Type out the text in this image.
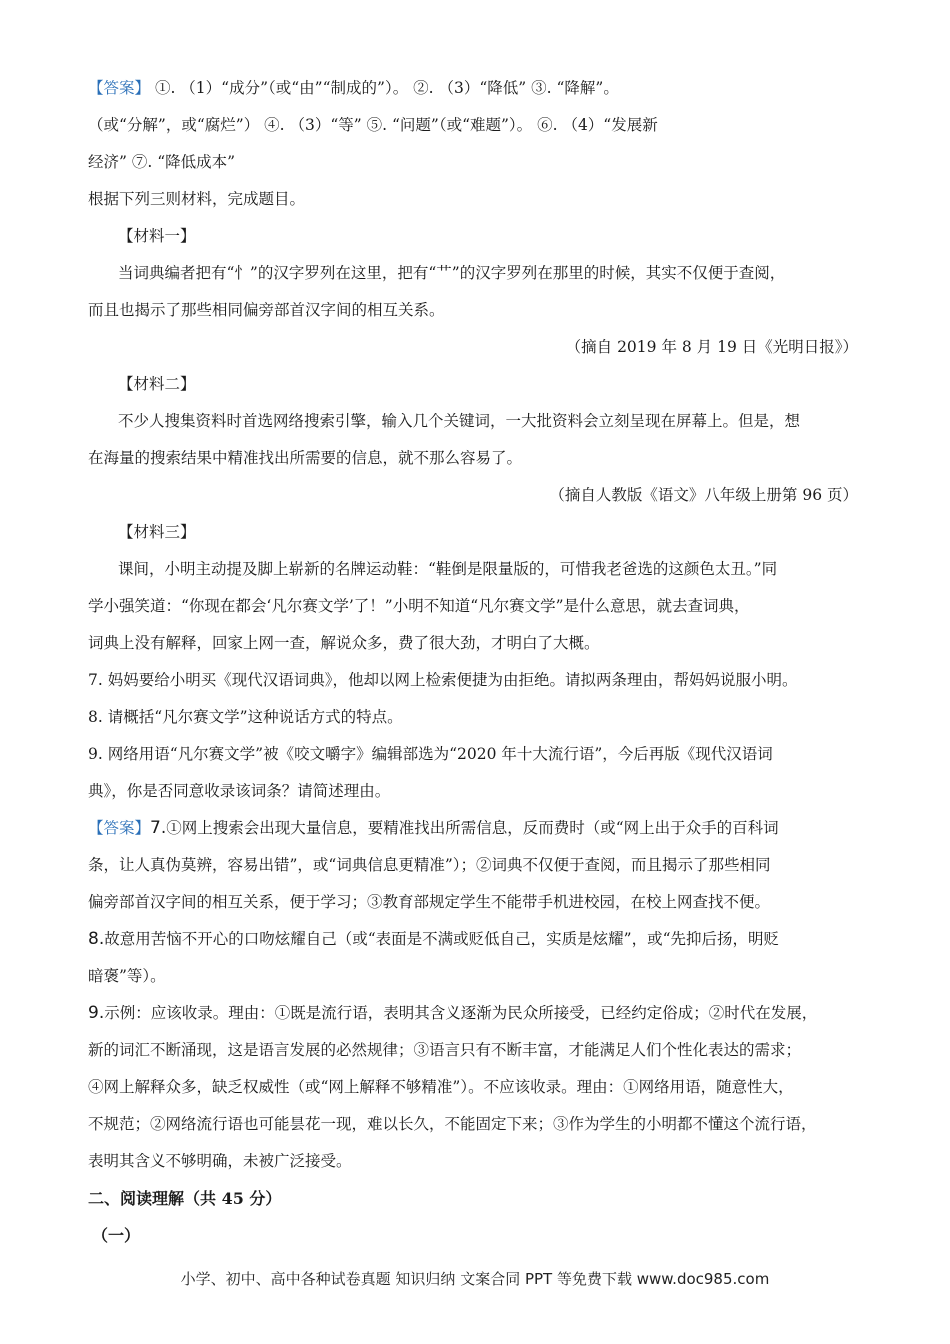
【答案】 ①. （1）“成分”（或“由”“制成的”）。 ②. （3）“降低” ③. “降解”。

（或“分解”，或“腐烂”） ④. （3）“等” ⑤. “问题”（或“难题”）。 ⑥. （4）“发展新

经济” ⑦. “降低成本”

根据下列三则材料，完成题目。

【材料一】

当词典编者把有“忄”的汉字罗列在这里，把有“艹”的汉字罗列在那里的时候，其实不仅便于查阅，

而且也揭示了那些相同偏旁部首汉字间的相互关系。

（摘自 2019 年 8 月 19 日《光明日报》）

【材料二】

不少人搜集资料时首选网络搜索引擎，输入几个关键词，一大批资料会立刻呈现在屏幕上。但是，想

在海量的搜索结果中精准找出所需要的信息，就不那么容易了。

（摘自人教版《语文》八年级上册第 96 页）

【材料三】

课间，小明主动提及脚上崭新的名牌运动鞋：“鞋倒是限量版的，可惜我老爸选的这颜色太丑。”同

学小强笑道：“你现在都会‘凡尔赛文学’了！”小明不知道“凡尔赛文学”是什么意思，就去查词典，

词典上没有解释，回家上网一查，解说众多，费了很大劲，才明白了大概。

7. 妈妈要给小明买《现代汉语词典》，他却以网上检索便捷为由拒绝。请拟两条理由，帮妈妈说服小明。

8. 请概括“凡尔赛文学”这种说话方式的特点。

9. 网络用语“凡尔赛文学”被《咬文嚼字》编辑部选为“2020 年十大流行语”，今后再版《现代汉语词

典》，你是否同意收录该词条？请简述理由。

【答案】7.①网上搜索会出现大量信息，要精准找出所需信息，反而费时（或“网上出于众手的百科词

条，让人真伪莫辨，容易出错”，或“词典信息更精准”）；②词典不仅便于查阅，而且揭示了那些相同

偏旁部首汉字间的相互关系，便于学习；③教育部规定学生不能带手机进校园，在校上网查找不便。

8.故意用苦恼不开心的口吻炫耀自己（或“表面是不满或贬低自己，实质是炫耀”，或“先抑后扬，明贬

暗褒”等）。

9.示例：应该收录。理由：①既是流行语，表明其含义逐渐为民众所接受，已经约定俗成；②时代在发展，

新的词汇不断涌现，这是语言发展的必然规律；③语言只有不断丰富，才能满足人们个性化表达的需求；

④网上解释众多，缺乏权威性（或“网上解释不够精准”）。不应该收录。理由：①网络用语，随意性大，

不规范；②网络流行语也可能昙花一现，难以长久，不能固定下来；③作为学生的小明都不懂这个流行语，

表明其含义不够明确，未被广泛接受。

二、阅读理解（共 45 分）

（一）

小学、初中、高中各种试卷真题 知识归纳 文案合同 PPT 等免费下载 www.doc985.com
